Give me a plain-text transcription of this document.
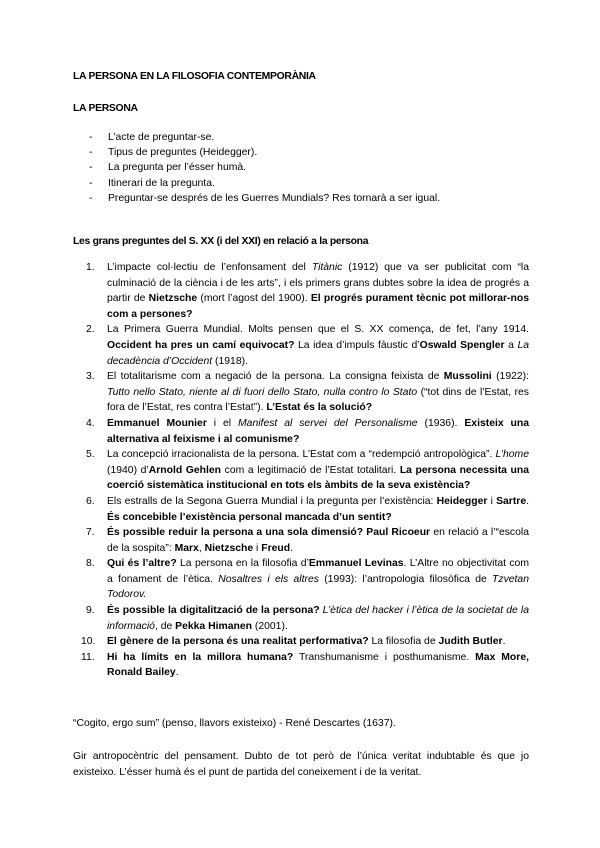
LA PERSONA EN LA FILOSOFIA CONTEMPORÀNIA
LA PERSONA
- L’acte de preguntar-se.
- Tipus de preguntes (Heidegger).
- La pregunta per l’ésser humà.
- Itinerari de la pregunta.
- Preguntar-se després de les Guerres Mundials? Res tornarà a ser igual.
Les grans preguntes del S. XX (i del XXI) en relació a la persona
1. L’impacte col·lectiu de l’enfonsament del Titànic (1912) que va ser publicitat com “la culminació de la ciència i de les arts”, i els primers grans dubtes sobre la idea de progrés a partir de Nietzsche (mort l’agost del 1900). El progrés purament tècnic pot millorar-nos com a persones?
2. La Primera Guerra Mundial. Molts pensen que el S. XX comença, de fet, l’any 1914. Occident ha pres un camí equivocat? La idea d’impuls fàustic d’Oswald Spengler a La decadència d’Occident (1918).
3. El totalitarisme com a negació de la persona. La consigna feixista de Mussolini (1922): Tutto nello Stato, niente al di fuori dello Stato, nulla contro lo Stato (“tot dins de l’Estat, res fora de l’Estat, res contra l’Estat”). L’Estat és la solució?
4. Emmanuel Mounier i el Manifest al servei del Personalisme (1936). Existeix una alternativa al feixisme i al comunisme?
5. La concepció irracionalista de la persona. L’Estat com a “redempció antropològica”. L’home (1940) d’Arnold Gehlen com a legitimació de l’Estat totalitari. La persona necessita una coerció sistemàtica institucional en tots els àmbits de la seva existència?
6. Els estralls de la Segona Guerra Mundial i la pregunta per l’existència: Heidegger i Sartre. És concebible l’existència personal mancada d’un sentit?
7. És possible reduir la persona a una sola dimensió? Paul Ricoeur en relació a l’“escola de la sospita”: Marx, Nietzsche i Freud.
8. Qui és l’altre? La persona en la filosofia d’Emmanuel Levinas. L’Altre no objectivitat com a fonament de l’ètica. Nosaltres i els altres (1993): l’antropologia filosòfica de Tzvetan Todorov.
9. És possible la digitalització de la persona? L’ètica del hacker i l’ètica de la societat de la informació, de Pekka Himanen (2001).
10. El gènere de la persona és una realitat performativa? La filosofia de Judith Butler.
11. Hi ha límits en la millora humana? Transhumanisme i posthumanisme. Max More, Ronald Bailey.
“Cogito, ergo sum” (penso, llavors existeixo) - René Descartes (1637).
Gir antropocèntric del pensament. Dubto de tot però de l’única veritat indubtable és que jo existeixo. L’ésser humà és el punt de partida del coneixement i de la veritat.
